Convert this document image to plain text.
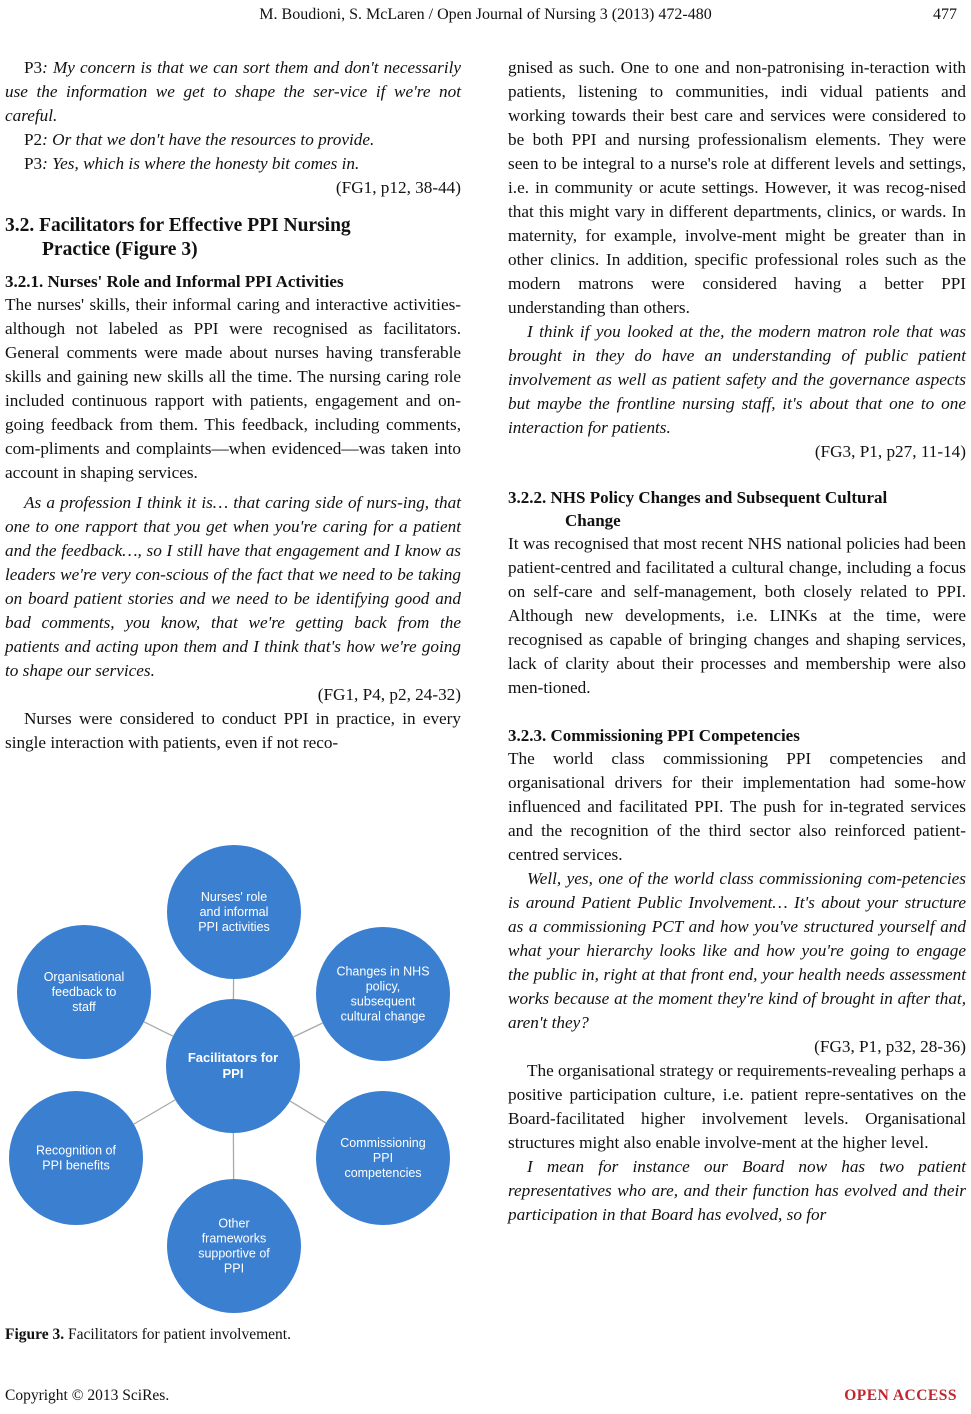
M. Boudioni, S. McLaren / Open Journal of Nursing 3 (2013) 472-480	477

P3: My concern is that we can sort them and don't necessarily use the information we get to shape the ser-vice if we're not careful.

P2: Or that we don't have the resources to provide.

P3: Yes, which is where the honesty bit comes in.

(FG1, p12, 38-44)

3.2. Facilitators for Effective PPI Nursing
Practice (Figure 3)
3.2.1. Nurses' Role and Informal PPI Activities

The nurses' skills, their informal caring and interactive activities-although not labeled as PPI were recognised as facilitators. General comments were made about nurses having transferable skills and gaining new skills all the time. The nursing caring role included continuous rapport with patients, engagement and on-going feedback from them. This feedback, including comments, com-pliments and complaints—when evidenced—was taken into account in shaping services.

As a profession I think it is… that caring side of nurs-ing, that one to one rapport that you get when you're caring for a patient and the feedback…, so I still have that engagement and I know as leaders we're very con-scious of the fact that we need to be taking on board patient stories and we need to be identifying good and bad comments, you know, that we're getting back from the patients and acting upon them and I think that's how we're going to shape our services.

(FG1, P4, p2, 24-32)

Nurses were considered to conduct PPI in practice, in every single interaction with patients, even if not reco-

Nurses' role and informal PPI activities
Changes in NHS policy, subsequent cultural change
Commissioning PPI competencies
Other frameworks supportive of PPI
Recognition of PPI benefits
Organisational feedback to staff
Facilitators for PPI
Figure 3. Facilitators for patient involvement.

gnised as such. One to one and non-patronising in-teraction with patients, listening to communities, indi vidual patients and working towards their best care and services were considered to be both PPI and nursing professionalism elements. They were seen to be integral to a nurse's role at different levels and settings, i.e. in community or acute settings. However, it was recog-nised that this might vary in different departments, clinics, or wards. In maternity, for example, involve-ment might be greater than in other clinics. In addition, specific professional roles such as the modern matrons were considered having a better PPI understanding than others.

I think if you looked at the, the modern matron role that was brought in they do have an understanding of public patient involvement as well as patient safety and the governance aspects but maybe the frontline nursing staff, it's about that one to one interaction for patients.

(FG3, P1, p27, 11-14)

3.2.2. NHS Policy Changes and Subsequent Cultural
Change

It was recognised that most recent NHS national policies had been patient-centred and facilitated a cultural change, including a focus on self-care and self-management, both closely related to PPI. Although new developments, i.e. LINKs at the time, were recognised as capable of bringing changes and shaping services, lack of clarity about their processes and membership were also men-tioned.

3.2.3. Commissioning PPI Competencies

The world class commissioning PPI competencies and organisational drivers for their implementation had some-how influenced and facilitated PPI. The push for in-tegrated services and the recognition of the third sector also reinforced patient-centred services.

Well, yes, one of the world class commissioning com-petencies is around Patient Public Involvement… It's about your structure as a commissioning PCT and how you've structured yourself and what your hierarchy looks like and how you're going to engage the public in, right at that front end, your health needs assessment works because at the moment they're kind of brought in after that, aren't they?

(FG3, P1, p32, 28-36)

The organisational strategy or requirements-revealing perhaps a positive participation culture, i.e. patient repre-sentatives on the Board-facilitated higher involvement levels. Organisational structures might also enable involve-ment at the higher level.

I mean for instance our Board now has two patient representatives who are, and their function has evolved and their participation in that Board has evolved, so for

Copyright © 2013 SciRes.	OPEN ACCESS
